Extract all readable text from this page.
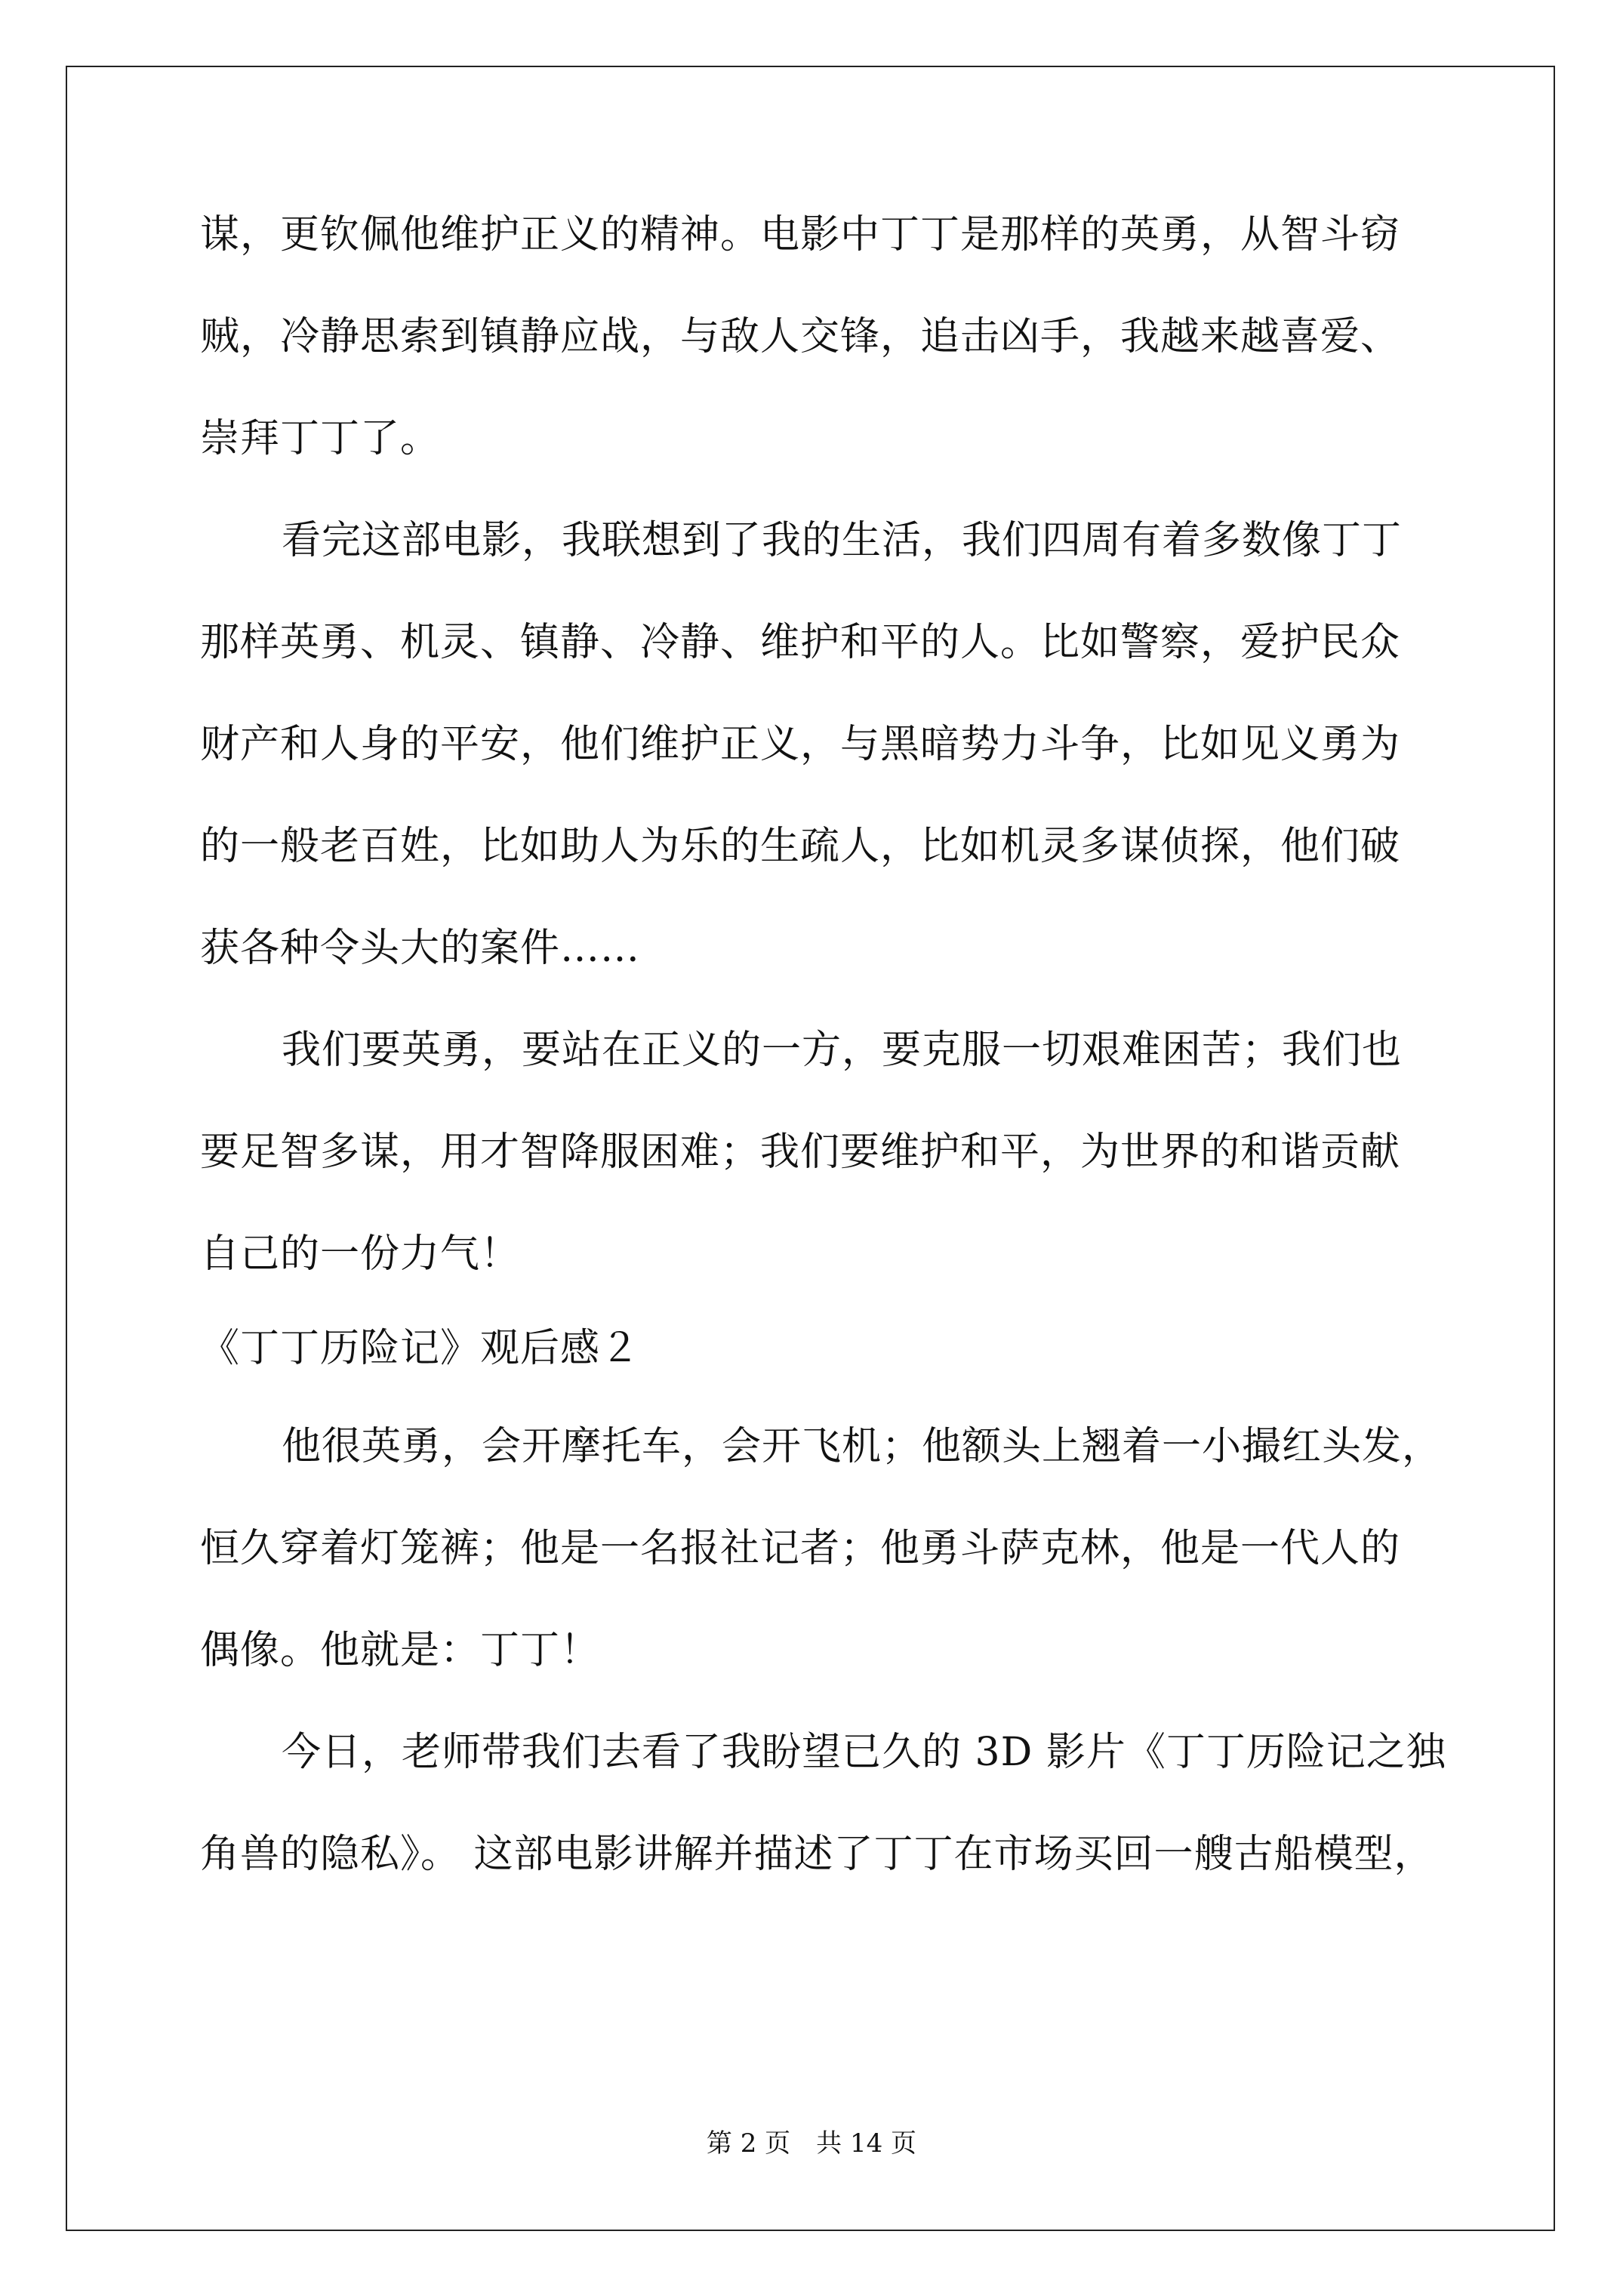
谋，更钦佩他维护正义的精神。电影中丁丁是那样的英勇，从智斗窃
贼，冷静思索到镇静应战，与敌人交锋，追击凶手，我越来越喜爱、
崇拜丁丁了。
看完这部电影，我联想到了我的生活，我们四周有着多数像丁丁
那样英勇、机灵、镇静、冷静、维护和平的人。比如警察，爱护民众
财产和人身的平安，他们维护正义，与黑暗势力斗争，比如见义勇为
的一般老百姓，比如助人为乐的生疏人，比如机灵多谋侦探，他们破
获各种令头大的案件……
我们要英勇，要站在正义的一方，要克服一切艰难困苦；我们也
要足智多谋，用才智降服困难；我们要维护和平，为世界的和谐贡献
自己的一份力气！
《丁丁历险记》观后感２
他很英勇，会开摩托车，会开飞机；他额头上翘着一小撮红头发，
恒久穿着灯笼裤；他是一名报社记者；他勇斗萨克林，他是一代人的
偶像。他就是：丁丁！
今日，老师带我们去看了我盼望已久的 3D 影片《丁丁历险记之独
角兽的隐私》。 这部电影讲解并描述了丁丁在市场买回一艘古船模型，
第 2 页　共 14 页
